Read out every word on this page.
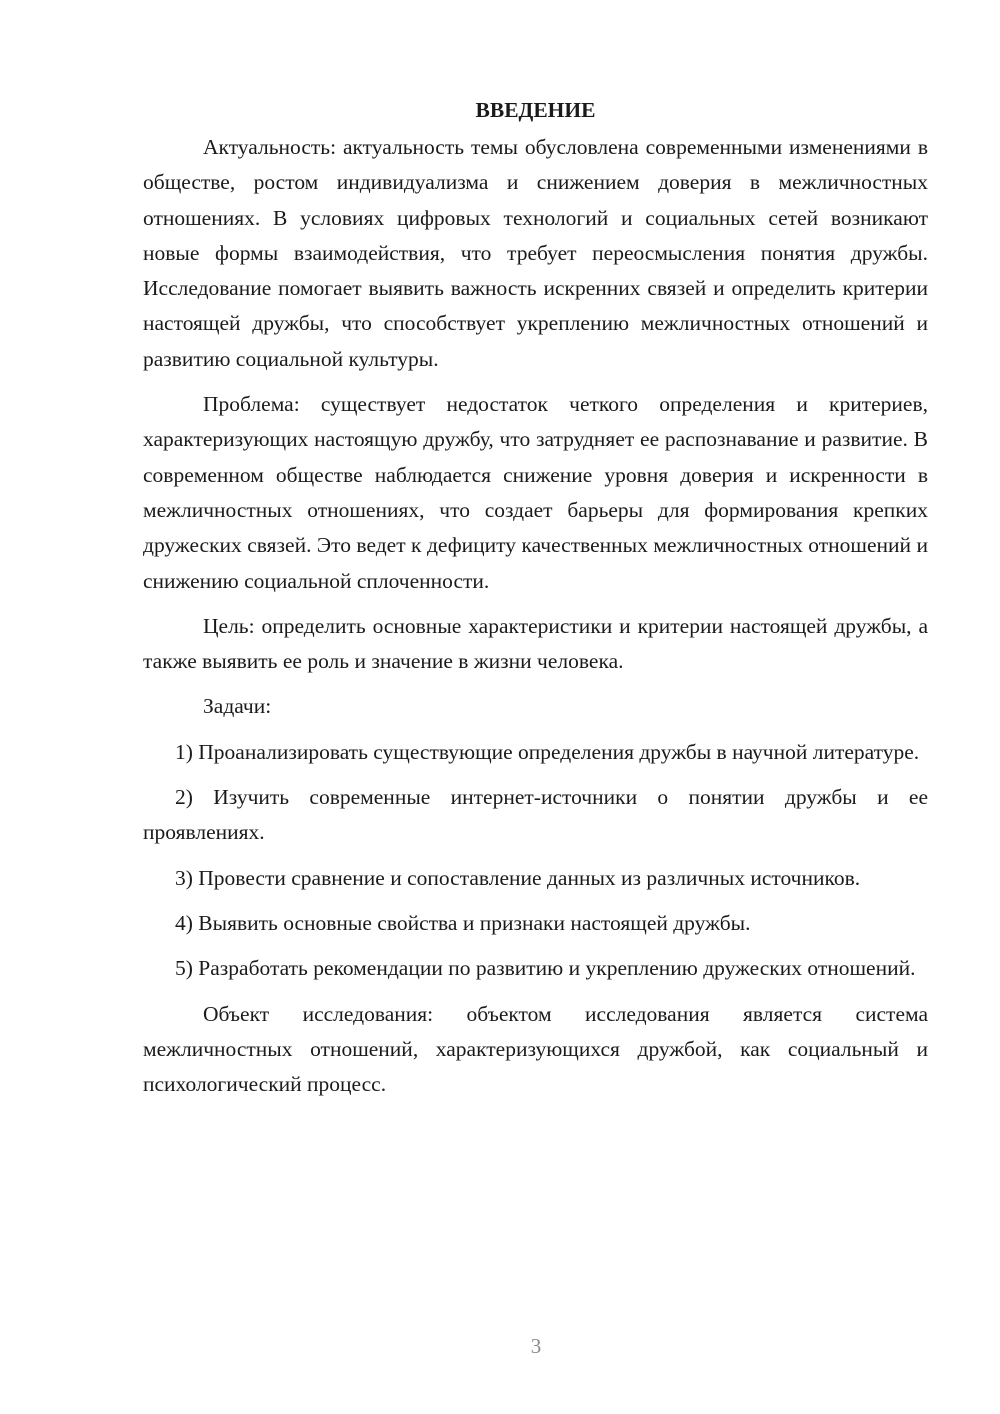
ВВЕДЕНИЕ

Актуальность: актуальность темы обусловлена современными изменениями в обществе, ростом индивидуализма и снижением доверия в межличностных отношениях. В условиях цифровых технологий и социальных сетей возникают новые формы взаимодействия, что требует переосмысления понятия дружбы. Исследование помогает выявить важность искренних связей и определить критерии настоящей дружбы, что способствует укреплению межличностных отношений и развитию социальной культуры.

Проблема: существует недостаток четкого определения и критериев, характеризующих настоящую дружбу, что затрудняет ее распознавание и развитие. В современном обществе наблюдается снижение уровня доверия и искренности в межличностных отношениях, что создает барьеры для формирования крепких дружеских связей. Это ведет к дефициту качественных межличностных отношений и снижению социальной сплоченности.

Цель: определить основные характеристики и критерии настоящей дружбы, а также выявить ее роль и значение в жизни человека.

Задачи:

1) Проанализировать существующие определения дружбы в научной литературе.

2) Изучить современные интернет-источники о понятии дружбы и ее проявлениях.

3) Провести сравнение и сопоставление данных из различных источников.

4) Выявить основные свойства и признаки настоящей дружбы.

5) Разработать рекомендации по развитию и укреплению дружеских отношений.

Объект исследования: объектом исследования является система межличностных отношений, характеризующихся дружбой, как социальный и психологический процесс.

3
